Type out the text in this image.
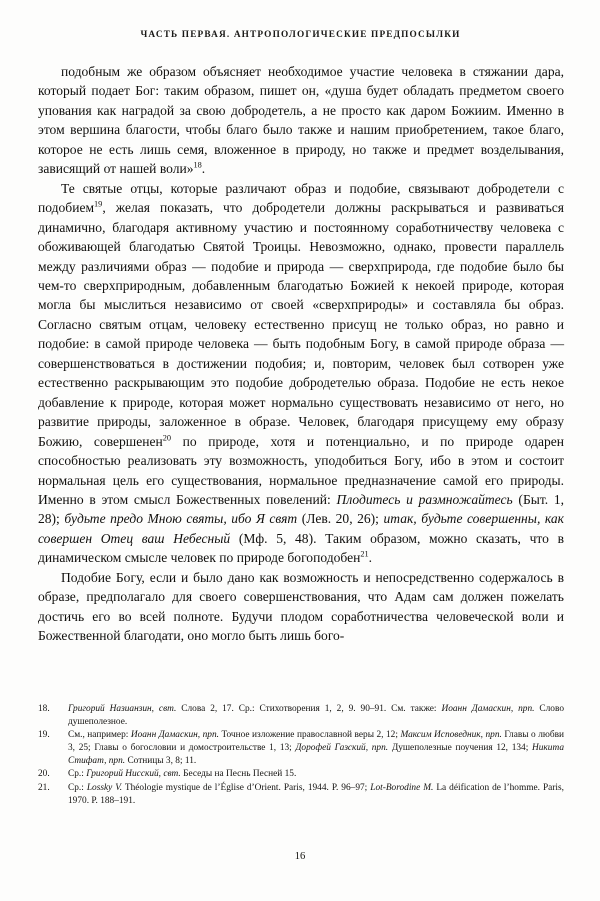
ЧАСТЬ ПЕРВАЯ. АНТРОПОЛОГИЧЕСКИЕ ПРЕДПОСЫЛКИ

подобным же образом объясняет необходимое участие человека в стяжании дара, который подает Бог: таким образом, пишет он, «душа будет обладать предметом своего упования как наградой за свою добродетель, а не просто как даром Божиим. Именно в этом вершина благости, чтобы благо было также и нашим приобретением, такое благо, которое не есть лишь семя, вложенное в природу, но также и предмет возделывания, зависящий от нашей воли»$^{18}$.

Те святые отцы, которые различают образ и подобие, связывают добродетели с подобием$^{19}$, желая показать, что добродетели должны раскрываться и развиваться динамично, благодаря активному участию и постоянному соработничеству человека с обоживающей благодатью Святой Троицы. Невозможно, однако, провести параллель между различиями образ — подобие и природа — сверхприрода, где подобие было бы чем-то сверхприродным, добавленным благодатью Божией к некоей природе, которая могла бы мыслиться независимо от своей «сверхприроды» и составляла бы образ. Согласно святым отцам, человеку естественно присущ не только образ, но равно и подобие: в самой природе человека — быть подобным Богу, в самой природе образа — совершенствоваться в достижении подобия; и, повторим, человек был сотворен уже естественно раскрывающим это подобие добродетелью образа. Подобие не есть некое добавление к природе, которая может нормально существовать независимо от него, но развитие природы, заложенное в образе. Человек, благодаря присущему ему образу Божию, совершенен$^{20}$ по природе, хотя и потенциально, и по природе одарен способностью реализовать эту возможность, уподобиться Богу, ибо в этом и состоит нормальная цель его существования, нормальное предназначение самой его природы. Именно в этом смысл Божественных повелений: Плодитесь и размножайтесь (Быт. 1, 28); будьте предо Мною святы, ибо Я свят (Лев. 20, 26); итак, будьте совершенны, как совершен Отец ваш Небесный (Мф. 5, 48). Таким образом, можно сказать, что в динамическом смысле человек по природе богоподобен$^{21}$.

Подобие Богу, если и было дано как возможность и непосредственно содержалось в образе, предполагало для своего совершенствования, что Адам сам должен пожелать достичь его во всей полноте. Будучи плодом соработничества человеческой воли и Божественной благодати, оно могло быть лишь бого-

18.	Григорий Назианзин, свт. Слова 2, 17. Ср.: Стихотворения 1, 2, 9. 90–91. См. также: Иоанн Дамаскин, прп. Слово душеполезное.
19.	См., например: Иоанн Дамаскин, прп. Точное изложение православной веры 2, 12; Максим Исповедник, прп. Главы о любви 3, 25; Главы о богословии и домостроительстве 1, 13; Дорофей Газский, прп. Душеполезные поучения 12, 134; Никита Стифат, прп. Сотницы 3, 8; 11.
20.	Ср.: Григорий Нисский, свт. Беседы на Песнь Песней 15.
21.	Ср.: Lossky V. Théologie mystique de l’Église d’Orient. Paris, 1944. P. 96–97; Lot-Borodine M. La déification de l’homme. Paris, 1970. P. 188–191.
16
